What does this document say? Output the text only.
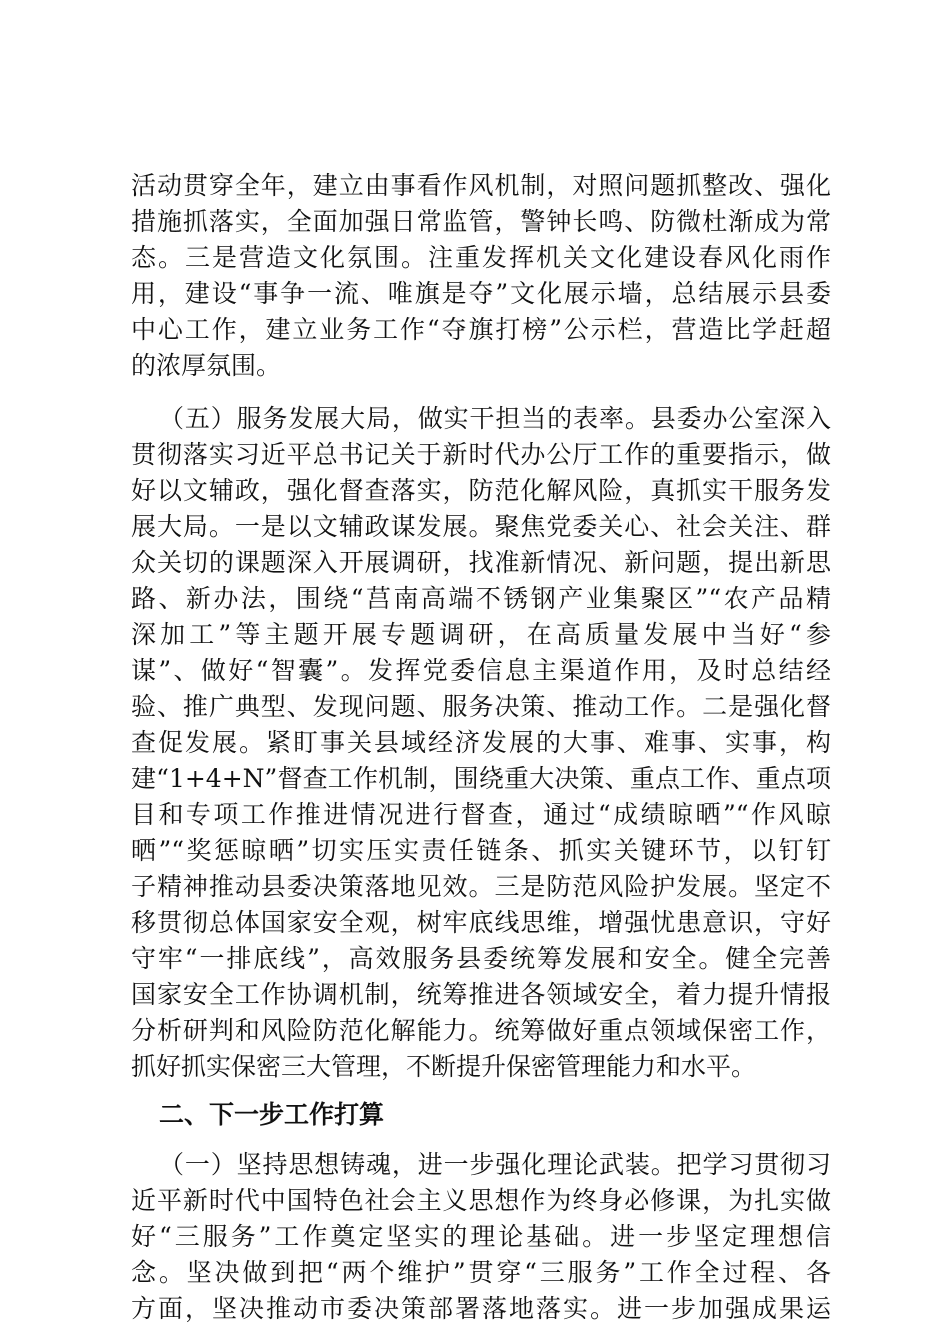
活动贯穿全年，建立由事看作风机制，对照问题抓整改、强化
措施抓落实，全面加强日常监管，警钟长鸣、防微杜渐成为常
态。三是营造文化氛围。注重发挥机关文化建设春风化雨作
用，建设“事争一流、唯旗是夺”文化展示墙，总结展示县委
中心工作，建立业务工作“夺旗打榜”公示栏，营造比学赶超
的浓厚氛围。
（五）服务发展大局，做实干担当的表率。县委办公室深入
贯彻落实习近平总书记关于新时代办公厅工作的重要指示，做
好以文辅政，强化督查落实，防范化解风险，真抓实干服务发
展大局。一是以文辅政谋发展。聚焦党委关心、社会关注、群
众关切的课题深入开展调研，找准新情况、新问题，提出新思
路、新办法，围绕“莒南高端不锈钢产业集聚区”“农产品精
深加工”等主题开展专题调研，在高质量发展中当好“参
谋”、做好“智囊”。发挥党委信息主渠道作用，及时总结经
验、推广典型、发现问题、服务决策、推动工作。二是强化督
查促发展。紧盯事关县域经济发展的大事、难事、实事，构
建“1+4+N”督查工作机制，围绕重大决策、重点工作、重点项
目和专项工作推进情况进行督查，通过“成绩晾晒”“作风晾
晒”“奖惩晾晒”切实压实责任链条、抓实关键环节，以钉钉
子精神推动县委决策落地见效。三是防范风险护发展。坚定不
移贯彻总体国家安全观，树牢底线思维，增强忧患意识，守好
守牢“一排底线”，高效服务县委统筹发展和安全。健全完善
国家安全工作协调机制，统筹推进各领域安全，着力提升情报
分析研判和风险防范化解能力。统筹做好重点领域保密工作，
抓好抓实保密三大管理，不断提升保密管理能力和水平。
二、下一步工作打算
（一）坚持思想铸魂，进一步强化理论武装。把学习贯彻习
近平新时代中国特色社会主义思想作为终身必修课，为扎实做
好“三服务”工作奠定坚实的理论基础。进一步坚定理想信
念。坚决做到把“两个维护”贯穿“三服务”工作全过程、各
方面，坚决推动市委决策部署落地落实。进一步加强成果运
